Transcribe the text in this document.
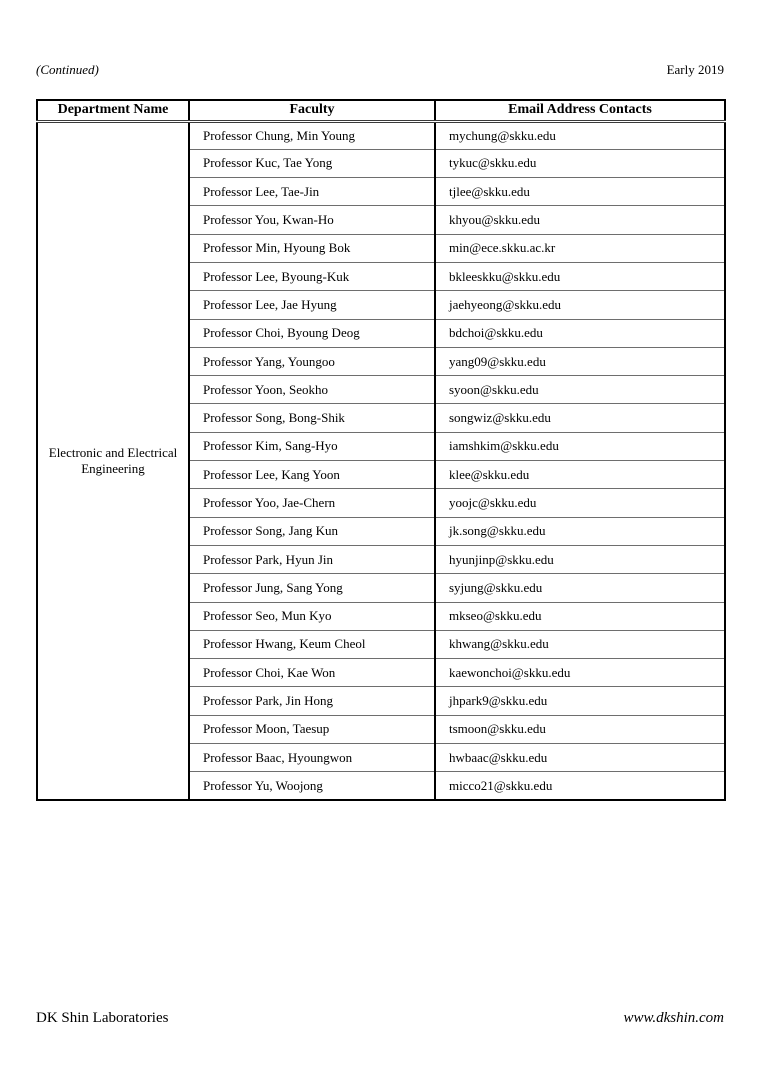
(Continued)	Early 2019
Department Name	Faculty	Email Address Contacts
Electronic and Electrical Engineering	Professor Chung, Min Young	mychung@skku.edu
	Professor Kuc, Tae Yong	tykuc@skku.edu
	Professor Lee, Tae-Jin	tjlee@skku.edu
	Professor You, Kwan-Ho	khyou@skku.edu
	Professor Min, Hyoung Bok	min@ece.skku.ac.kr
	Professor Lee, Byoung-Kuk	bkleeskku@skku.edu
	Professor Lee, Jae Hyung	jaehyeong@skku.edu
	Professor Choi, Byoung Deog	bdchoi@skku.edu
	Professor Yang, Youngoo	yang09@skku.edu
	Professor Yoon, Seokho	syoon@skku.edu
	Professor Song, Bong-Shik	songwiz@skku.edu
	Professor Kim, Sang-Hyo	iamshkim@skku.edu
	Professor Lee, Kang Yoon	klee@skku.edu
	Professor Yoo, Jae-Chern	yoojc@skku.edu
	Professor Song, Jang Kun	jk.song@skku.edu
	Professor Park, Hyun Jin	hyunjinp@skku.edu
	Professor Jung, Sang Yong	syjung@skku.edu
	Professor Seo, Mun Kyo	mkseo@skku.edu
	Professor Hwang, Keum Cheol	khwang@skku.edu
	Professor Choi, Kae Won	kaewonchoi@skku.edu
	Professor Park, Jin Hong	jhpark9@skku.edu
	Professor Moon, Taesup	tsmoon@skku.edu
	Professor Baac, Hyoungwon	hwbaac@skku.edu
	Professor Yu, Woojong	micco21@skku.edu
DK Shin Laboratories	www.dkshin.com
